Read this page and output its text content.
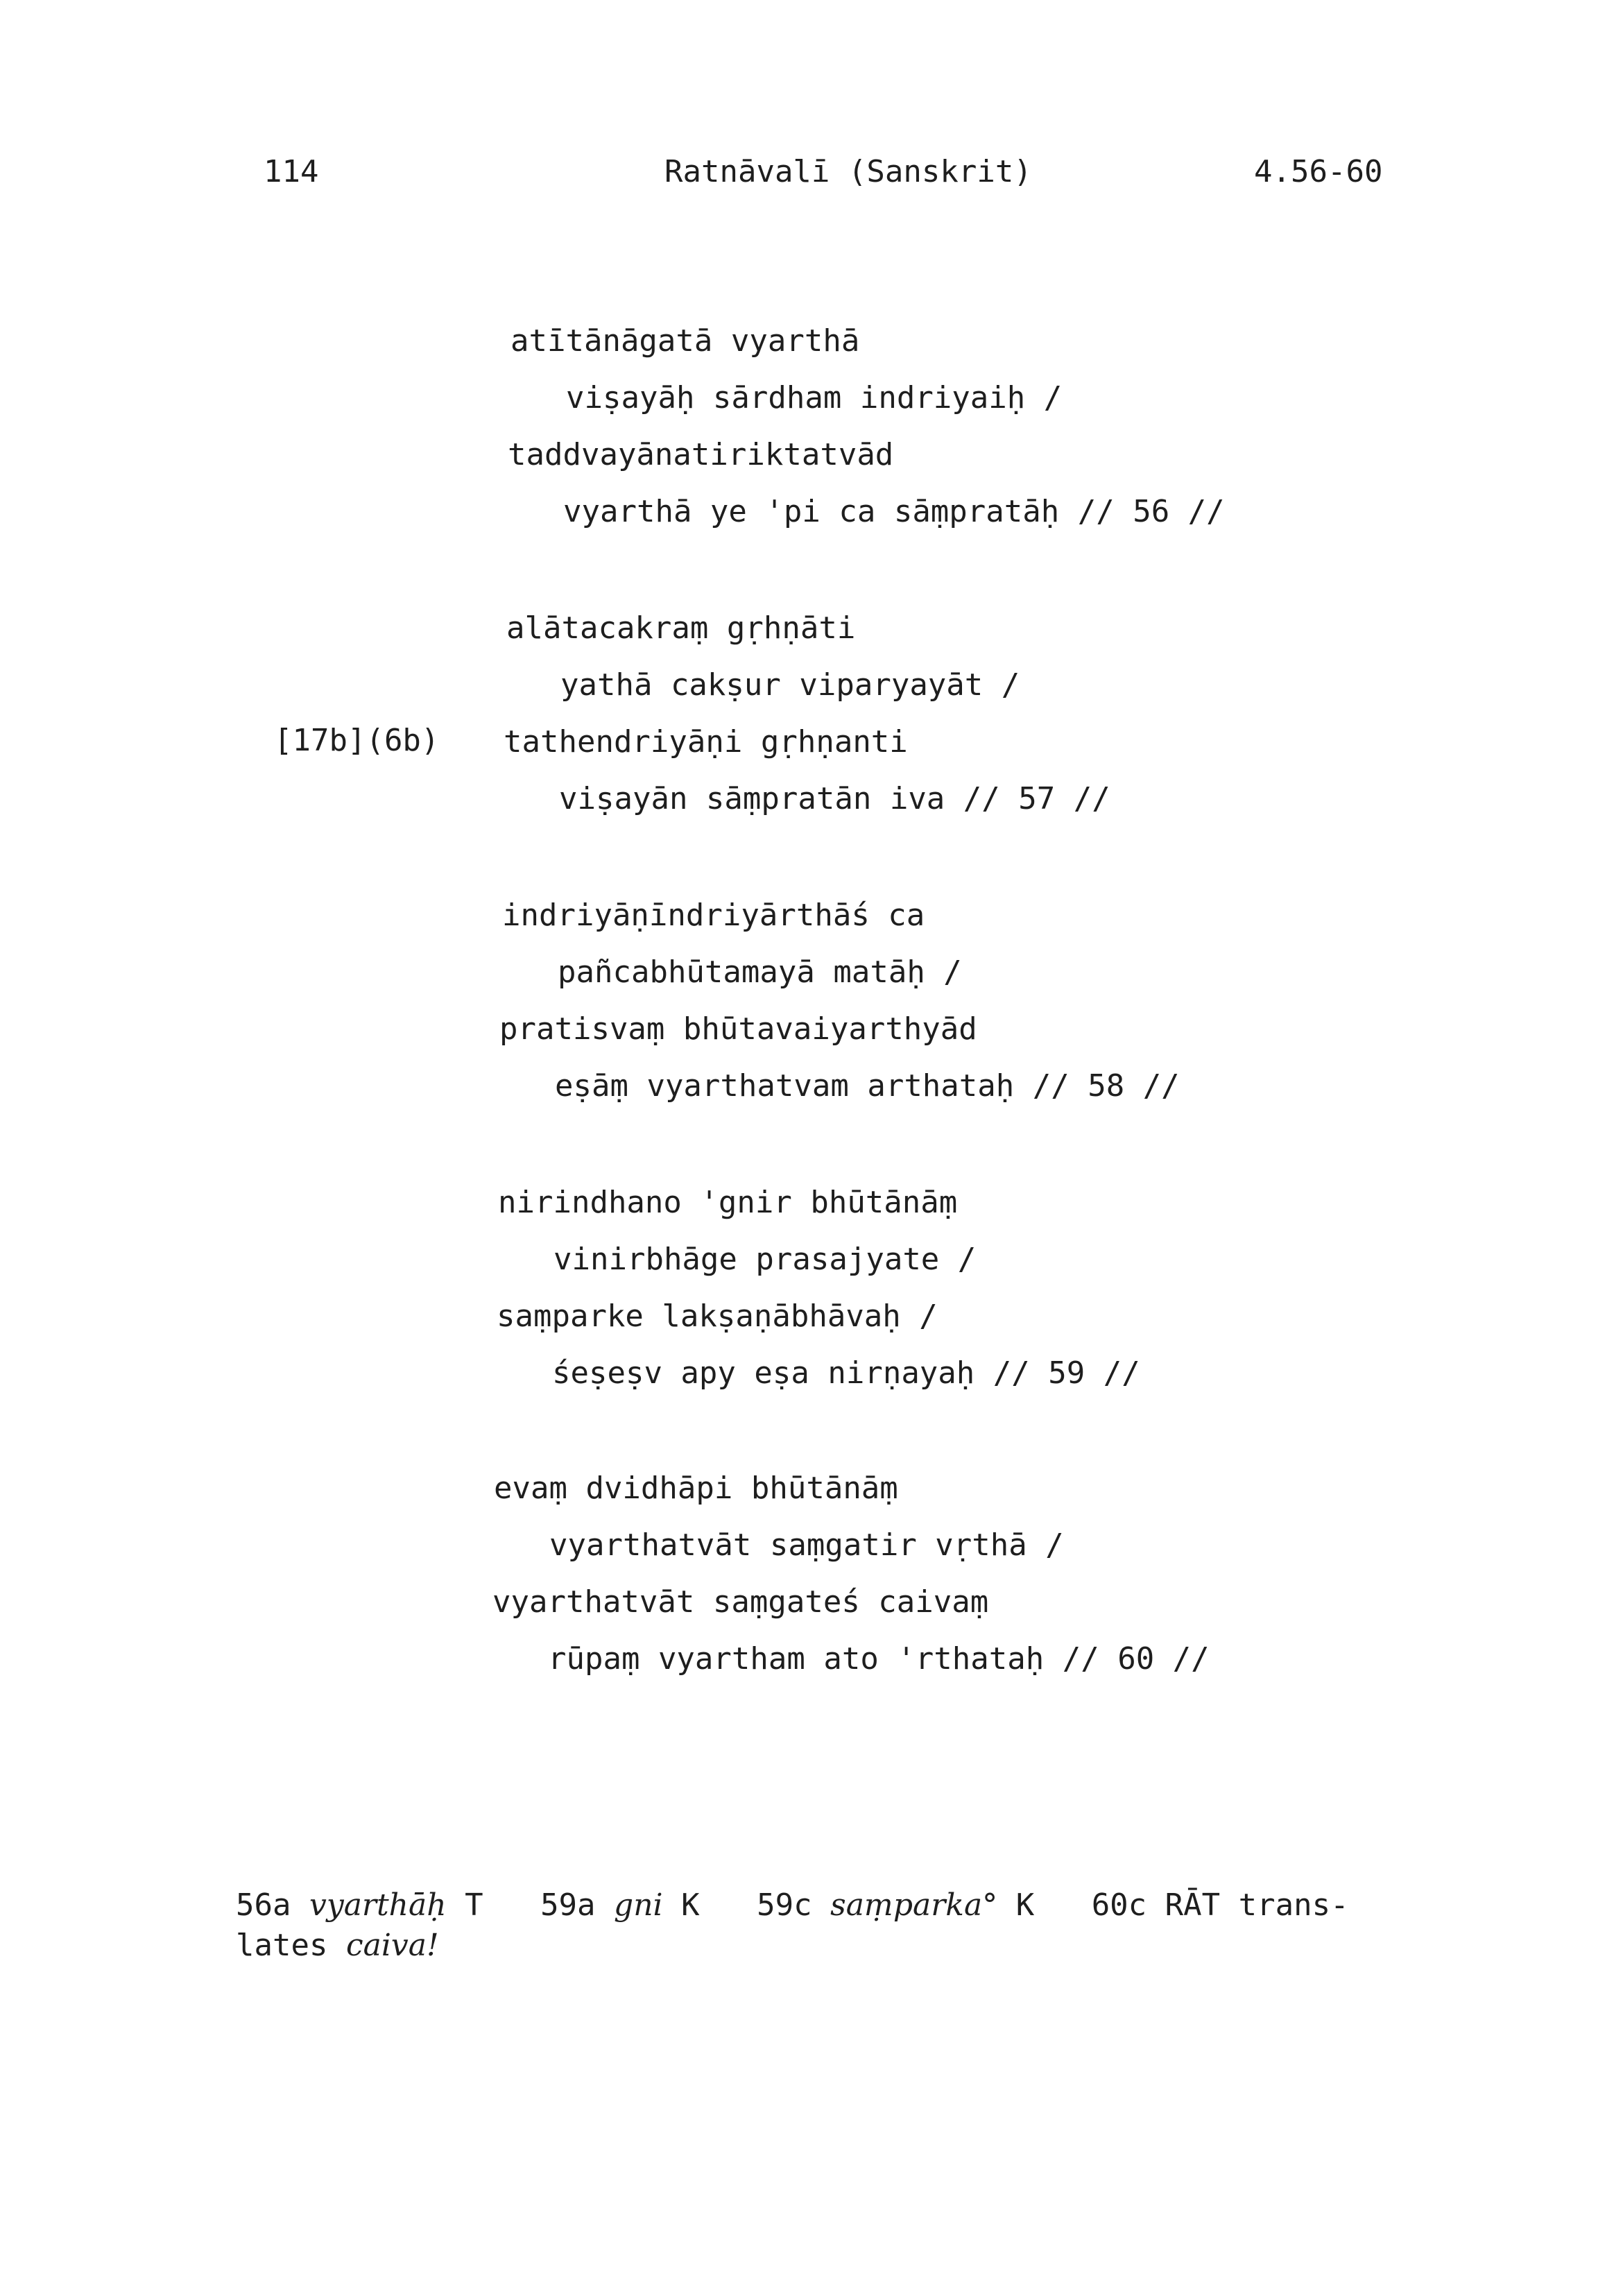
114	Ratnāvalī (Sanskrit)	4.56-60
[17b](6b)
atītānāgatā vyarthā
viṣayāḥ sārdham indriyaiḥ /
taddvayānatiriktatvād
vyarthā ye 'pi ca sāṃpratāḥ // 56 //
alātacakraṃ gṛhṇāti
yathā cakṣur viparyayāt /
tathendriyāṇi gṛhṇanti
viṣayān sāṃpratān iva // 57 //
indriyāṇīndriyārthāś ca
pañcabhūtamayā matāḥ /
pratisvaṃ bhūtavaiyarthyād
eṣāṃ vyarthatvam arthataḥ // 58 //
nirindhano 'gnir bhūtānāṃ
vinirbhāge prasajyate /
saṃparke lakṣaṇābhāvaḥ /
śeṣeṣv apy eṣa nirṇayaḥ // 59 //
evaṃ dvidhāpi bhūtānāṃ
vyarthatvāt saṃgatir vṛthā /
vyarthatvāt saṃgateś caivaṃ
rūpaṃ vyartham ato 'rthataḥ // 60 //
56a vyarthāḥ T 59a gni K 59c saṃparka° K 60c RĀT trans-
lates caiva!
